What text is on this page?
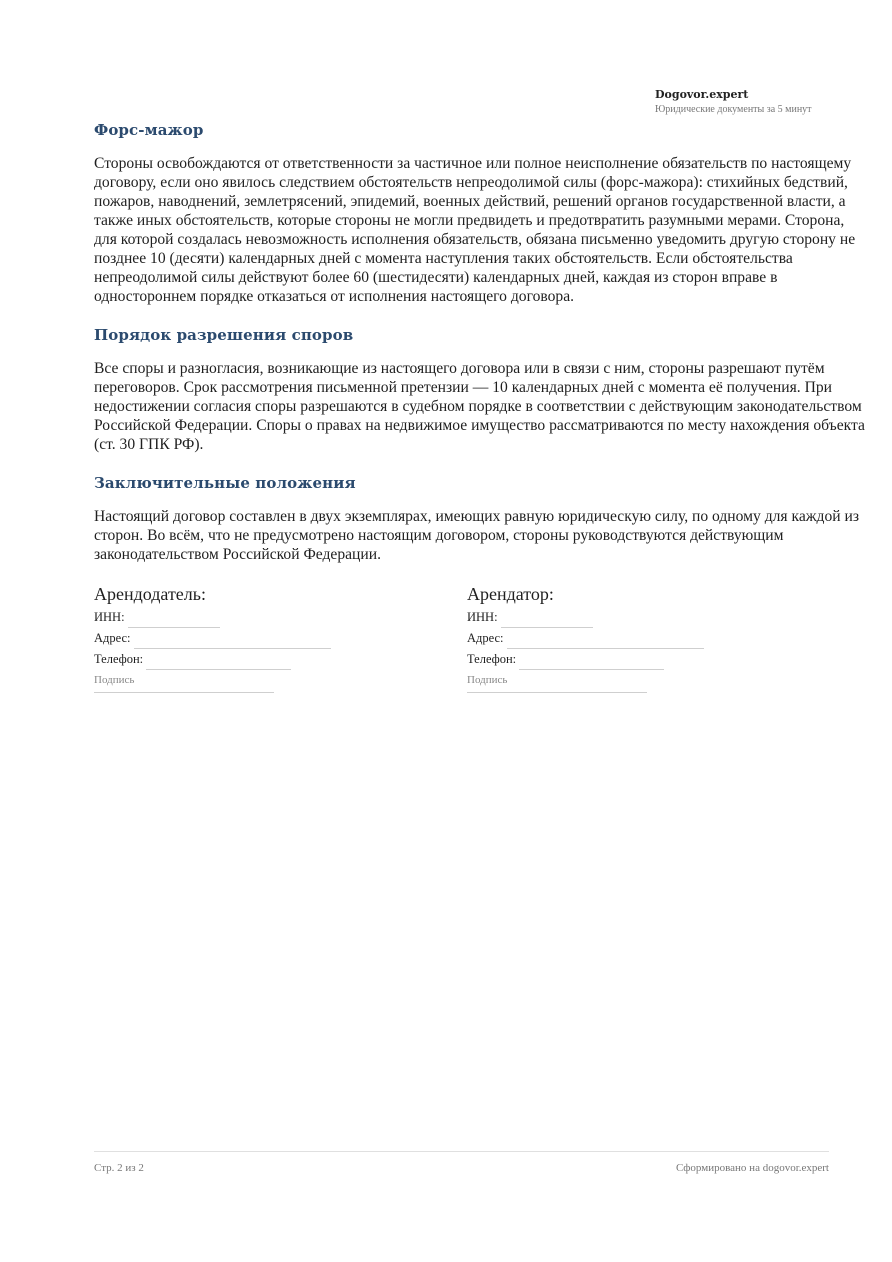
Dogovor.expert
Юридические документы за 5 минут
Форс-мажор

Стороны освобождаются от ответственности за частичное или полное неисполнение обязательств по настоящему договору, если оно явилось следствием обстоятельств непреодолимой силы (форс-мажора): стихийных бедствий, пожаров, наводнений, землетрясений, эпидемий, военных действий, решений органов государственной власти, а также иных обстоятельств, которые стороны не могли предвидеть и предотвратить разумными мерами. Сторона, для которой создалась невозможность исполнения обязательств, обязана письменно уведомить другую сторону не позднее 10 (десяти) календарных дней с момента наступления таких обстоятельств. Если обстоятельства непреодолимой силы действуют более 60 (шестидесяти) календарных дней, каждая из сторон вправе в одностороннем порядке отказаться от исполнения настоящего договора.

Порядок разрешения споров

Все споры и разногласия, возникающие из настоящего договора или в связи с ним, стороны разрешают путём переговоров. Срок рассмотрения письменной претензии — 10 календарных дней с момента её получения. При недостижении согласия споры разрешаются в судебном порядке в соответствии с действующим законодательством Российской Федерации. Споры о правах на недвижимое имущество рассматриваются по месту нахождения объекта (ст. 30 ГПК РФ).

Заключительные положения

Настоящий договор составлен в двух экземплярах, имеющих равную юридическую силу, по одному для каждой из сторон. Во всём, что не предусмотрено настоящим договором, стороны руководствуются действующим законодательством Российской Федерации.

Арендодатель:
ИНН:
Адрес:
Телефон:
Подпись
Арендатор:
ИНН:
Адрес:
Телефон:
Подпись
Стр. 2 из 2	Сформировано на dogovor.expert
